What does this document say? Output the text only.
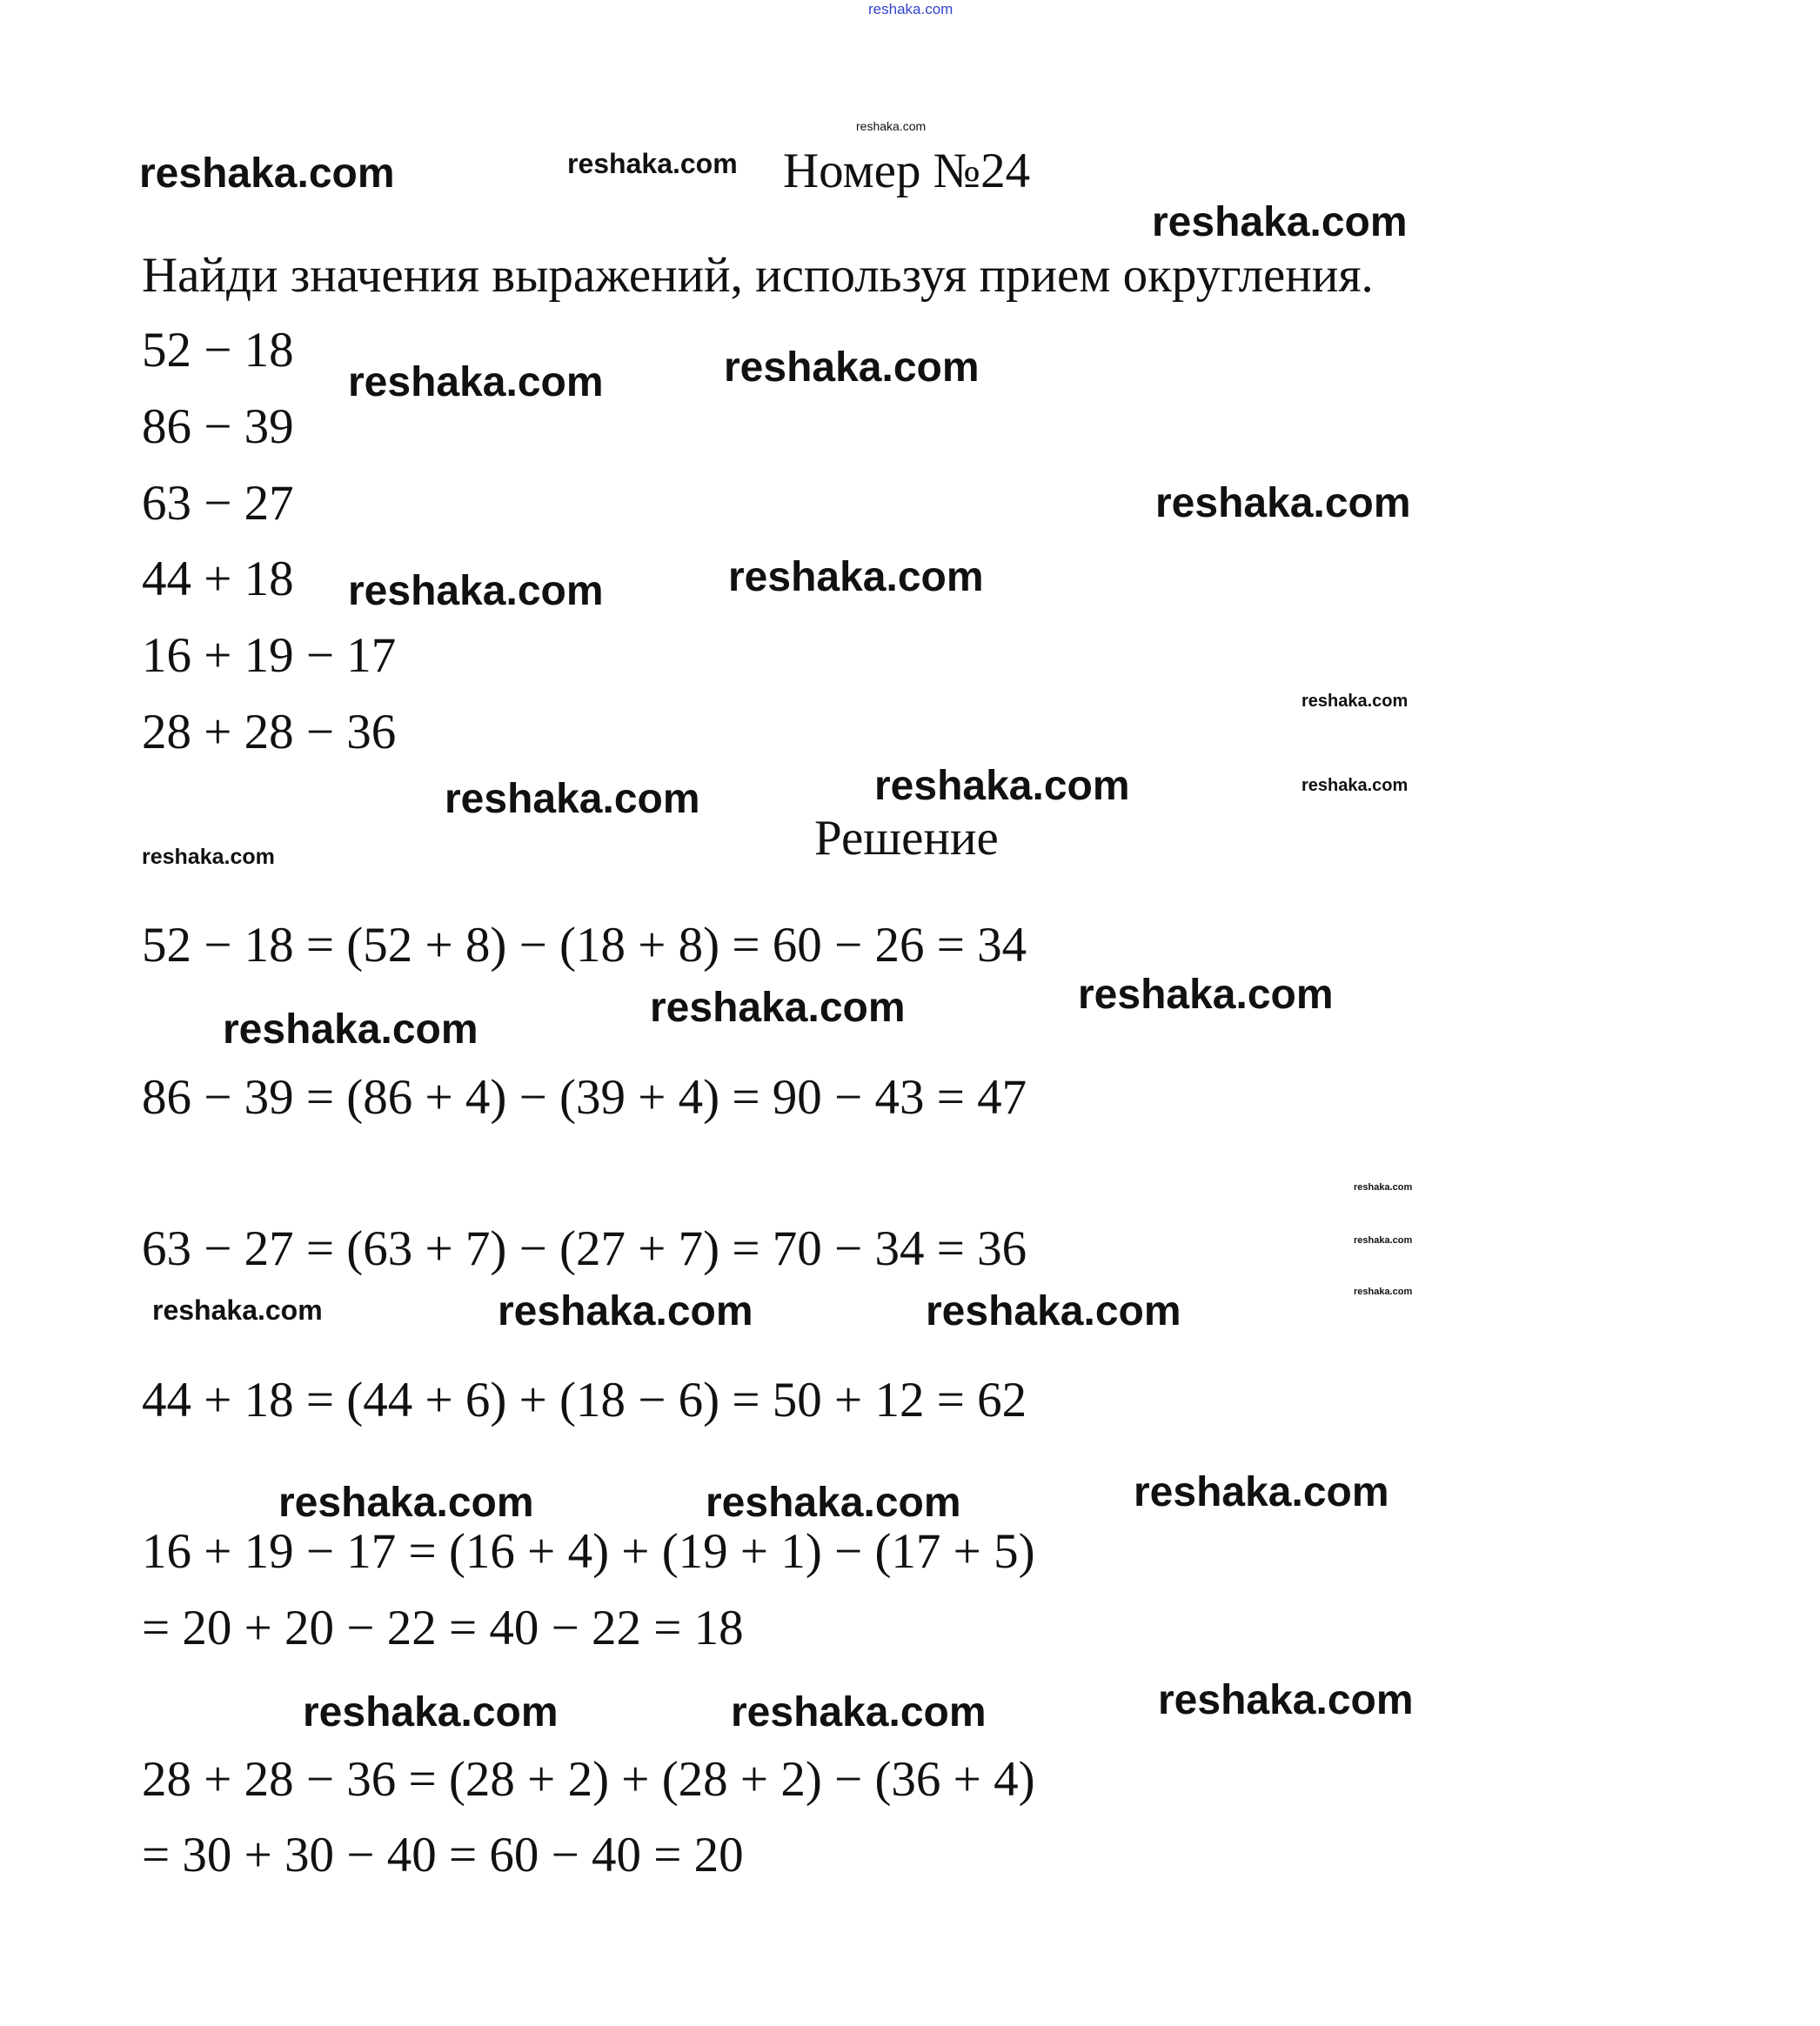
Номер №24
Найди значения выражений, используя прием округления.
52 − 18
86 − 39
63 − 27
44 + 18
16 + 19 − 17
28 + 28 − 36
Решение
52 − 18 = (52 + 8) − (18 + 8) = 60 − 26 = 34
86 − 39 = (86 + 4) − (39 + 4) = 90 − 43 = 47
63 − 27 = (63 + 7) − (27 + 7) = 70 − 34 = 36
44 + 18 = (44 + 6) + (18 − 6) = 50 + 12 = 62
16 + 19 − 17 = (16 + 4) + (19 + 1) − (17 + 5)
= 20 + 20 − 22 = 40 − 22 = 18
28 + 28 − 36 = (28 + 2) + (28 + 2) − (36 + 4)
= 30 + 30 − 40 = 60 − 40 = 20
reshaka.com
reshaka.com	reshaka.com
reshaka.com
reshaka.com
reshaka.com	reshaka.com
reshaka.com
reshaka.com	reshaka.com
reshaka.com
reshaka.com
reshaka.com	reshaka.com
reshaka.com
reshaka.com	reshaka.com
reshaka.com
reshaka.com
reshaka.com
reshaka.com
reshaka.com	reshaka.com	reshaka.com
reshaka.com	reshaka.com	reshaka.com
reshaka.com	reshaka.com	reshaka.com
